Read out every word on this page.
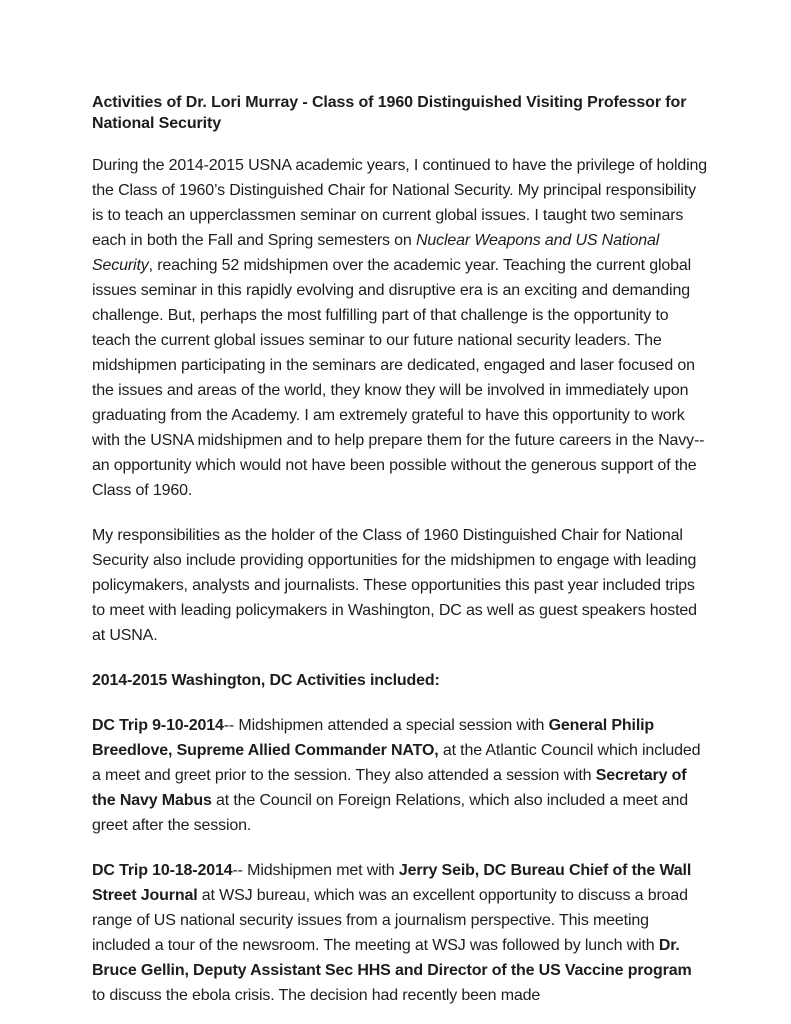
Activities of Dr. Lori Murray - Class of 1960 Distinguished Visiting Professor for
National Security

During the 2014-2015 USNA academic years, I continued to have the privilege of holding the Class of 1960’s Distinguished Chair for National Security. My principal responsibility is to teach an upperclassmen seminar on current global issues. I taught two seminars each in both the Fall and Spring semesters on Nuclear Weapons and US National Security, reaching 52 midshipmen over the academic year. Teaching the current global issues seminar in this rapidly evolving and disruptive era is an exciting and demanding challenge. But, perhaps the most fulfilling part of that challenge is the opportunity to teach the current global issues seminar to our future national security leaders. The midshipmen participating in the seminars are dedicated, engaged and laser focused on the issues and areas of the world, they know they will be involved in immediately upon graduating from the Academy. I am extremely grateful to have this opportunity to work with the USNA midshipmen and to help prepare them for the future careers in the Navy-- an opportunity which would not have been possible without the generous support of the Class of 1960.

My responsibilities as the holder of the Class of 1960 Distinguished Chair for National Security also include providing opportunities for the midshipmen to engage with leading policymakers, analysts and journalists. These opportunities this past year included trips to meet with leading policymakers in Washington, DC as well as guest speakers hosted at USNA.

2014-2015 Washington, DC Activities included:

DC Trip 9-10-2014-- Midshipmen attended a special session with General Philip Breedlove, Supreme Allied Commander NATO, at the Atlantic Council which included a meet and greet prior to the session. They also attended a session with Secretary of the Navy Mabus at the Council on Foreign Relations, which also included a meet and greet after the session.

DC Trip 10-18-2014-- Midshipmen met with Jerry Seib, DC Bureau Chief of the Wall Street Journal at WSJ bureau, which was an excellent opportunity to discuss a broad range of US national security issues from a journalism perspective. This meeting included a tour of the newsroom. The meeting at WSJ was followed by lunch with Dr. Bruce Gellin, Deputy Assistant Sec HHS and Director of the US Vaccine program to discuss the ebola crisis. The decision had recently been made
